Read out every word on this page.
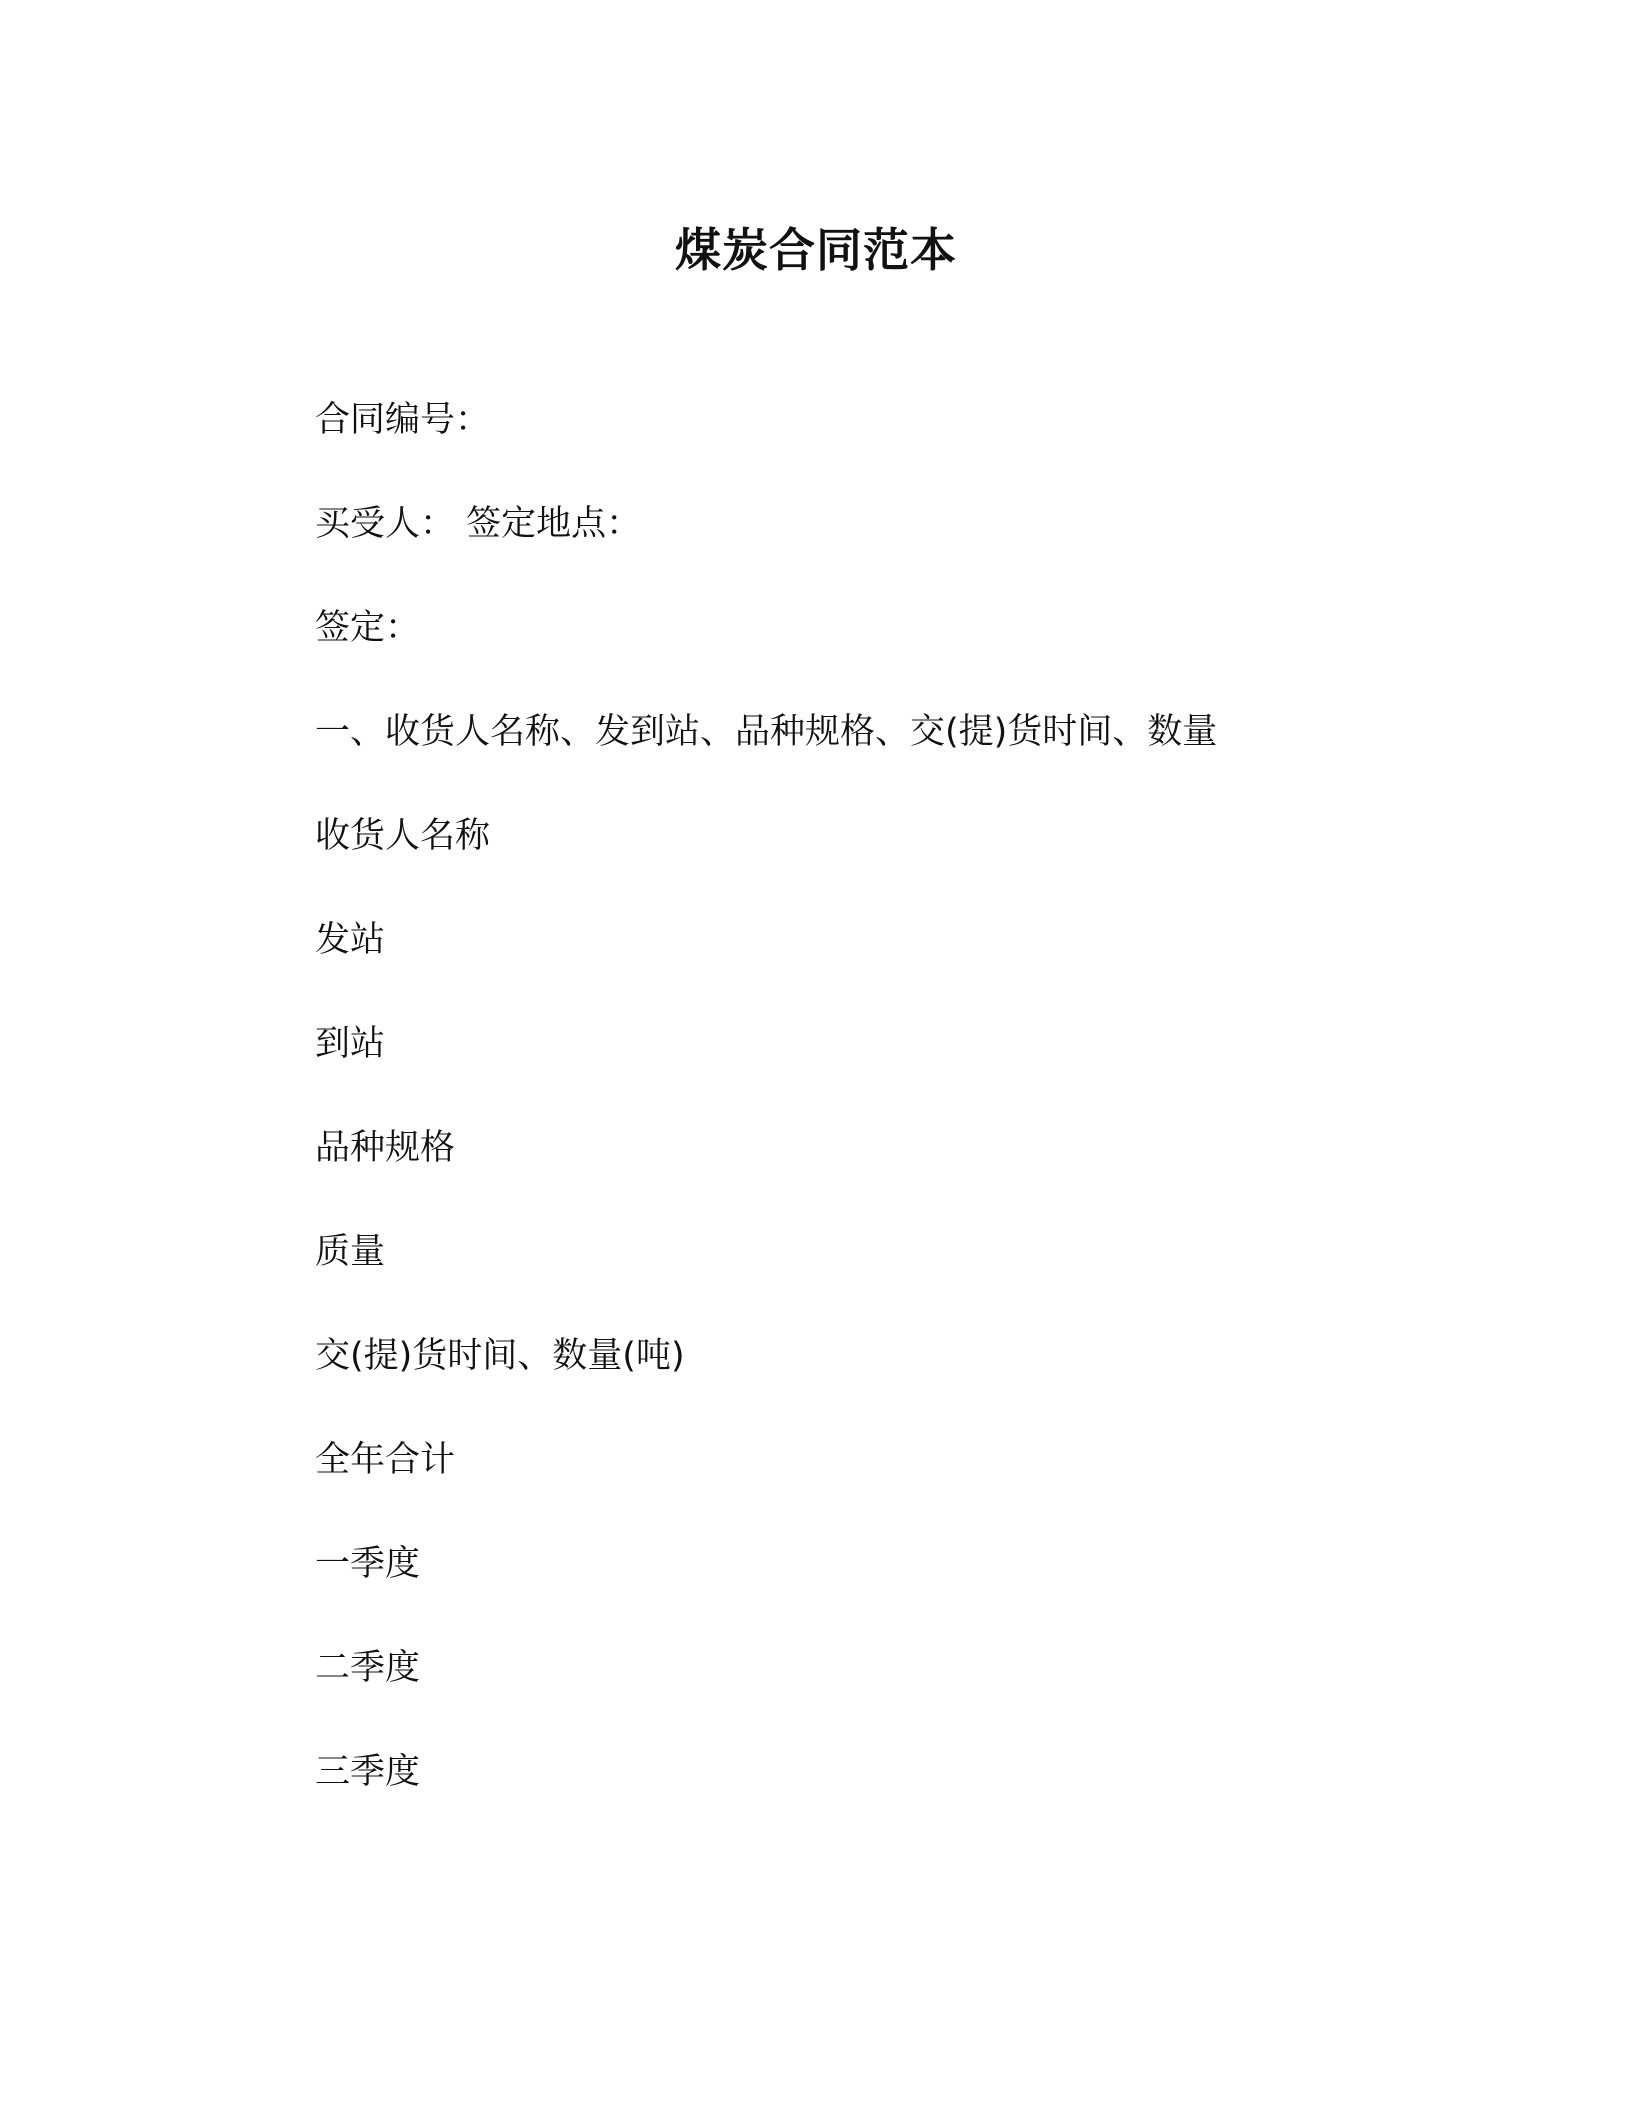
煤炭合同范本
合同编号：
买受人： 签定地点：
签定：
一、收货人名称、发到站、品种规格、交(提)货时间、数量
收货人名称
发站
到站
品种规格
质量
交(提)货时间、数量(吨)
全年合计
一季度
二季度
三季度
